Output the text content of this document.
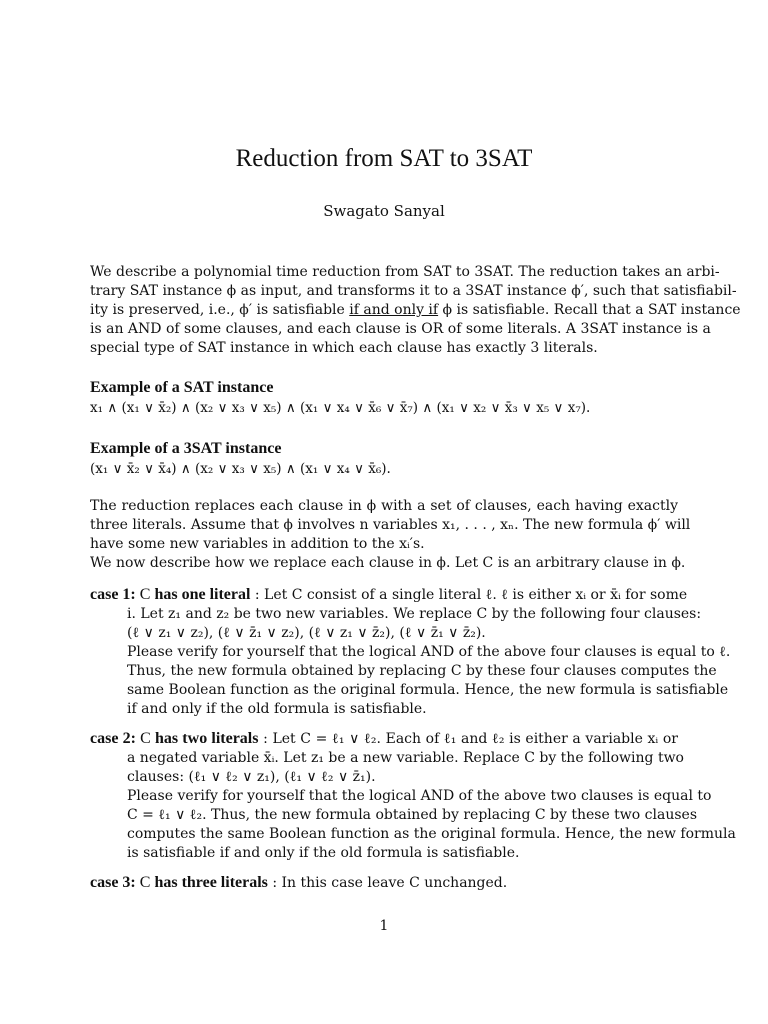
Reduction from SAT to 3SAT
Swagato Sanyal
We describe a polynomial time reduction from SAT to 3SAT. The reduction takes an arbi-
trary SAT instance ϕ as input, and transforms it to a 3SAT instance ϕ′, such that satisfiabil-
ity is preserved, i.e., ϕ′ is satisfiable if and only if ϕ is satisfiable. Recall that a SAT instance
is an AND of some clauses, and each clause is OR of some literals. A 3SAT instance is a
special type of SAT instance in which each clause has exactly 3 literals.
Example of a SAT instance
x₁ ∧ (x₁ ∨ x̄₂) ∧ (x₂ ∨ x₃ ∨ x₅) ∧ (x₁ ∨ x₄ ∨ x̄₆ ∨ x̄₇) ∧ (x₁ ∨ x₂ ∨ x̄₃ ∨ x₅ ∨ x₇).
Example of a 3SAT instance
(x₁ ∨ x̄₂ ∨ x̄₄) ∧ (x₂ ∨ x₃ ∨ x₅) ∧ (x₁ ∨ x₄ ∨ x̄₆).
The reduction replaces each clause in ϕ with a set of clauses, each having exactly
three literals. Assume that ϕ involves n variables x₁, . . . , xₙ. The new formula ϕ′ will
have some new variables in addition to the xᵢ′s.
We now describe how we replace each clause in ϕ. Let C is an arbitrary clause in ϕ.
case 1: C has one literal : Let C consist of a single literal ℓ. ℓ is either xᵢ or x̄ᵢ for some
i. Let z₁ and z₂ be two new variables. We replace C by the following four clauses:
(ℓ ∨ z₁ ∨ z₂), (ℓ ∨ z̄₁ ∨ z₂), (ℓ ∨ z₁ ∨ z̄₂), (ℓ ∨ z̄₁ ∨ z̄₂).
Please verify for yourself that the logical AND of the above four clauses is equal to ℓ.
Thus, the new formula obtained by replacing C by these four clauses computes the
same Boolean function as the original formula. Hence, the new formula is satisfiable
if and only if the old formula is satisfiable.
case 2: C has two literals : Let C = ℓ₁ ∨ ℓ₂. Each of ℓ₁ and ℓ₂ is either a variable xᵢ or
a negated variable x̄ᵢ. Let z₁ be a new variable. Replace C by the following two
clauses: (ℓ₁ ∨ ℓ₂ ∨ z₁), (ℓ₁ ∨ ℓ₂ ∨ z̄₁).
Please verify for yourself that the logical AND of the above two clauses is equal to
C = ℓ₁ ∨ ℓ₂. Thus, the new formula obtained by replacing C by these two clauses
computes the same Boolean function as the original formula. Hence, the new formula
is satisfiable if and only if the old formula is satisfiable.
case 3: C has three literals : In this case leave C unchanged.
1
